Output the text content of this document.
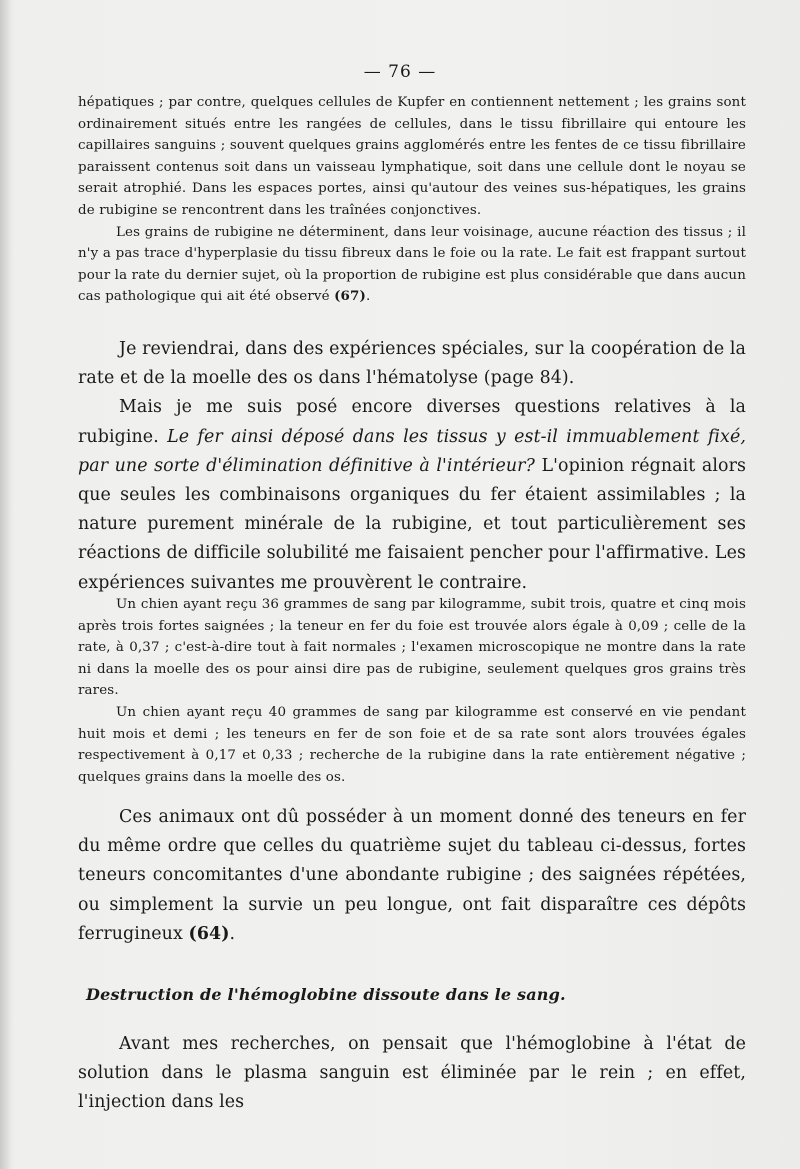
— 76 —

hépatiques ; par contre, quelques cellules de Kupfer en contiennent nettement ; les grains sont ordinairement situés entre les rangées de cellules, dans le tissu fibrillaire qui entoure les capillaires sanguins ; souvent quelques grains agglomérés entre les fentes de ce tissu fibrillaire paraissent contenus soit dans un vaisseau lymphatique, soit dans une cellule dont le noyau se serait atrophié. Dans les espaces portes, ainsi qu'autour des veines sus-hépatiques, les grains de rubigine se rencontrent dans les traînées conjonctives.

Les grains de rubigine ne déterminent, dans leur voisinage, aucune réaction des tissus ; il n'y a pas trace d'hyperplasie du tissu fibreux dans le foie ou la rate. Le fait est frappant surtout pour la rate du dernier sujet, où la proportion de rubigine est plus considérable que dans aucun cas pathologique qui ait été observé (67).

Je reviendrai, dans des expériences spéciales, sur la coopération de la rate et de la moelle des os dans l'hématolyse (page 84).

Mais je me suis posé encore diverses questions relatives à la rubigine. Le fer ainsi déposé dans les tissus y est-il immuablement fixé, par une sorte d'élimination définitive à l'intérieur? L'opinion régnait alors que seules les combinaisons organiques du fer étaient assimilables ; la nature purement minérale de la rubigine, et tout particulièrement ses réactions de difficile solubilité me faisaient pencher pour l'affirmative. Les expériences suivantes me prouvèrent le contraire.

Un chien ayant reçu 36 grammes de sang par kilogramme, subit trois, quatre et cinq mois après trois fortes saignées ; la teneur en fer du foie est trouvée alors égale à 0,09 ; celle de la rate, à 0,37 ; c'est-à-dire tout à fait normales ; l'examen microscopique ne montre dans la rate ni dans la moelle des os pour ainsi dire pas de rubigine, seulement quelques gros grains très rares.

Un chien ayant reçu 40 grammes de sang par kilogramme est conservé en vie pendant huit mois et demi ; les teneurs en fer de son foie et de sa rate sont alors trouvées égales respectivement à 0,17 et 0,33 ; recherche de la rubigine dans la rate entièrement négative ; quelques grains dans la moelle des os.

Ces animaux ont dû posséder à un moment donné des teneurs en fer du même ordre que celles du quatrième sujet du tableau ci-dessus, fortes teneurs concomitantes d'une abondante rubigine ; des saignées répétées, ou simplement la survie un peu longue, ont fait disparaître ces dépôts ferrugineux (64).

Destruction de l'hémoglobine dissoute dans le sang.

Avant mes recherches, on pensait que l'hémoglobine à l'état de solution dans le plasma sanguin est éliminée par le rein ; en effet, l'injection dans les
